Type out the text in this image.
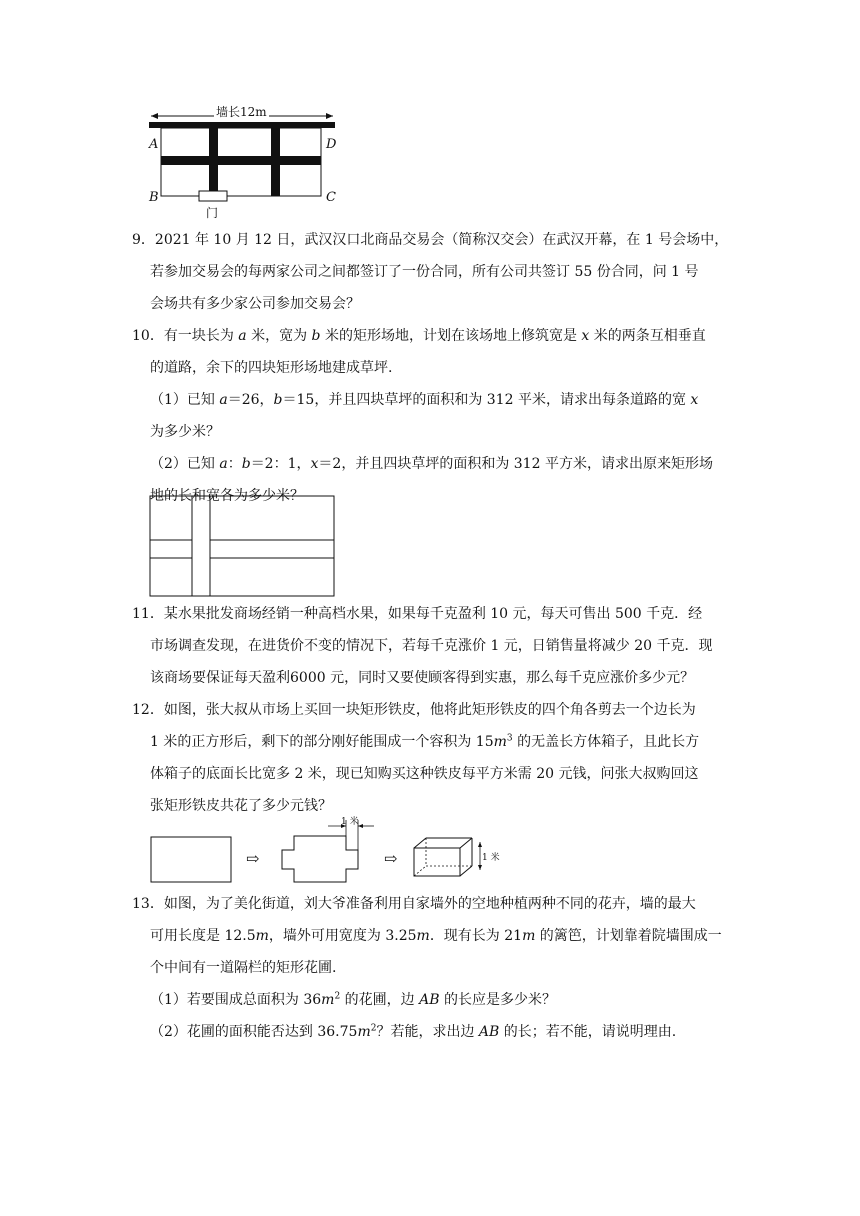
墙长12m
A	D
B	C
门
9．2021 年 10 月 12 日，武汉汉口北商品交易会（简称汉交会）在武汉开幕，在 1 号会场中，
若参加交易会的每两家公司之间都签订了一份合同，所有公司共签订 55 份合同，问 1 号
会场共有多少家公司参加交易会？
10．有一块长为 a 米，宽为 b 米的矩形场地，计划在该场地上修筑宽是 x 米的两条互相垂直
的道路，余下的四块矩形场地建成草坪.
（1）已知 a＝26，b＝15，并且四块草坪的面积和为 312 平米，请求出每条道路的宽 x
为多少米？
（2）已知 a：b＝2：1，x＝2，并且四块草坪的面积和为 312 平方米，请求出原来矩形场
地的长和宽各为多少米？
11．某水果批发商场经销一种高档水果，如果每千克盈利 10 元，每天可售出 500 千克．经
市场调查发现，在进货价不变的情况下，若每千克涨价 1 元，日销售量将减少 20 千克．现
该商场要保证每天盈利6000 元，同时又要使顾客得到实惠，那么每千克应涨价多少元？
12．如图，张大叔从市场上买回一块矩形铁皮，他将此矩形铁皮的四个角各剪去一个边长为
1 米的正方形后，剩下的部分刚好能围成一个容积为 $15m^3$ 的无盖长方体箱子，且此长方
体箱子的底面长比宽多 2 米，现已知购买这种铁皮每平方米需 20 元钱，问张大叔购回这
张矩形铁皮共花了多少元钱？
⇨
1 米
⇨	1 米
13．如图，为了美化街道，刘大爷准备利用自家墙外的空地种植两种不同的花卉，墙的最大
可用长度是 12.5m，墙外可用宽度为 3.25m．现有长为 21m 的篱笆，计划靠着院墙围成一
个中间有一道隔栏的矩形花圃.
（1）若要围成总面积为 $36m^2$ 的花圃，边 AB 的长应是多少米？
（2）花圃的面积能否达到 $36.75m^2$？若能，求出边 AB 的长；若不能，请说明理由.
